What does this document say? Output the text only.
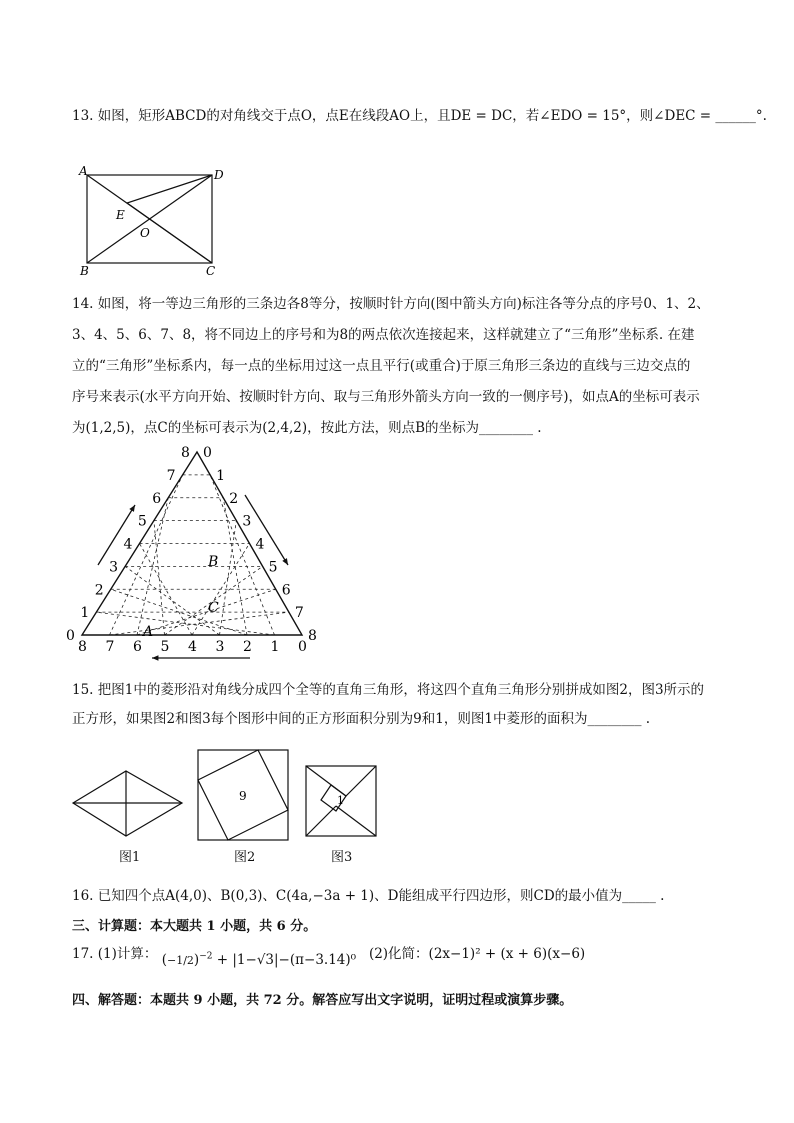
13. 如图，矩形ABCD的对角线交于点O，点E在线段AO上，且DE = DC，若∠EDO = 15°，则∠DEC = ______°.
A	D
B	C
E
O
14. 如图，将一等边三角形的三条边各8等分，按顺时针方向(图中箭头方向)标注各等分点的序号0、1、2、
3、4、5、6、7、8，将不同边上的序号和为8的两点依次连接起来，这样就建立了“三角形”坐标系. 在建
立的“三角形”坐标系内，每一点的坐标用过这一点且平行(或重合)于原三角形三条边的直线与三边交点的
序号来表示(水平方向开始、按顺时针方向、取与三角形外箭头方向一致的一侧序号)，如点A的坐标可表示
为(1,2,5)，点C的坐标可表示为(2,4,2)，按此方法，则点B的坐标为________ .
8
7
6
5
4
3
2
1
0
0
1
2
3
4
5
6
7
8
8 7 6 5 4 3 2 1 0
A
B
C
15. 把图1中的菱形沿对角线分成四个全等的直角三角形，将这四个直角三角形分别拼成如图2，图3所示的
正方形，如果图2和图3每个图形中间的正方形面积分别为9和1，则图1中菱形的面积为________ .
9	1
图1	图2	图3
16. 已知四个点A(4,0)、B(0,3)、C(4a,−3a + 1)、D能组成平行四边形，则CD的最小值为_____ .
三、计算题：本大题共 1 小题，共 6 分。
17. (1)计算： $(-1/2)^{-2} + |1-√3|-(\pi-3.14)^0$ (2)化简：(2x−1)² + (x + 6)(x−6)
四、解答题：本题共 9 小题，共 72 分。解答应写出文字说明，证明过程或演算步骤。
